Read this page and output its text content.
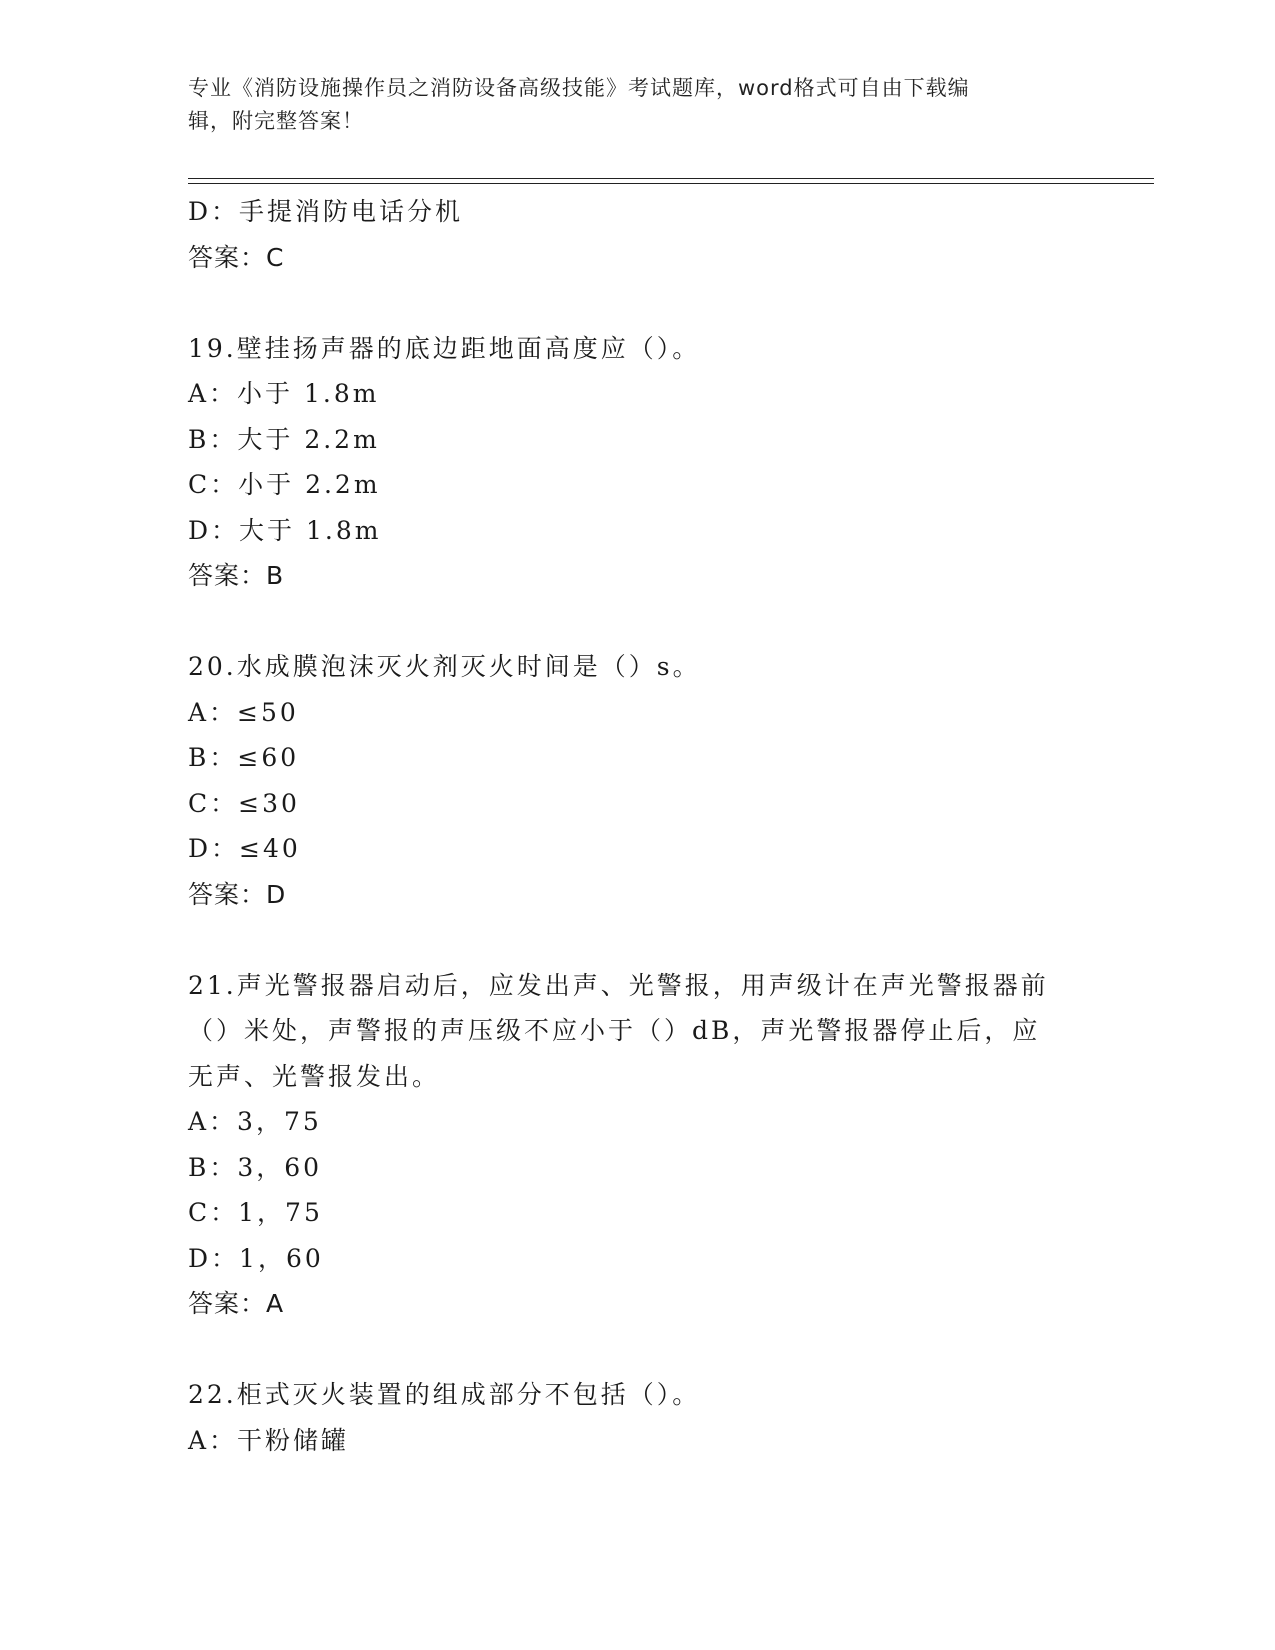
专业《消防设施操作员之消防设备高级技能》考试题库，word格式可自由下载编
辑，附完整答案！
D：手提消防电话分机
答案：C
19.壁挂扬声器的底边距地面高度应（）。
A：小于 1.8m
B：大于 2.2m
C：小于 2.2m
D：大于 1.8m
答案：B
20.水成膜泡沫灭火剂灭火时间是（）s。
A：≤50
B：≤60
C：≤30
D：≤40
答案：D
21.声光警报器启动后，应发出声、光警报，用声级计在声光警报器前
（）米处，声警报的声压级不应小于（）dB，声光警报器停止后，应
无声、光警报发出。
A：3，75
B：3，60
C：1，75
D：1，60
答案：A
22.柜式灭火装置的组成部分不包括（）。
A：干粉储罐
